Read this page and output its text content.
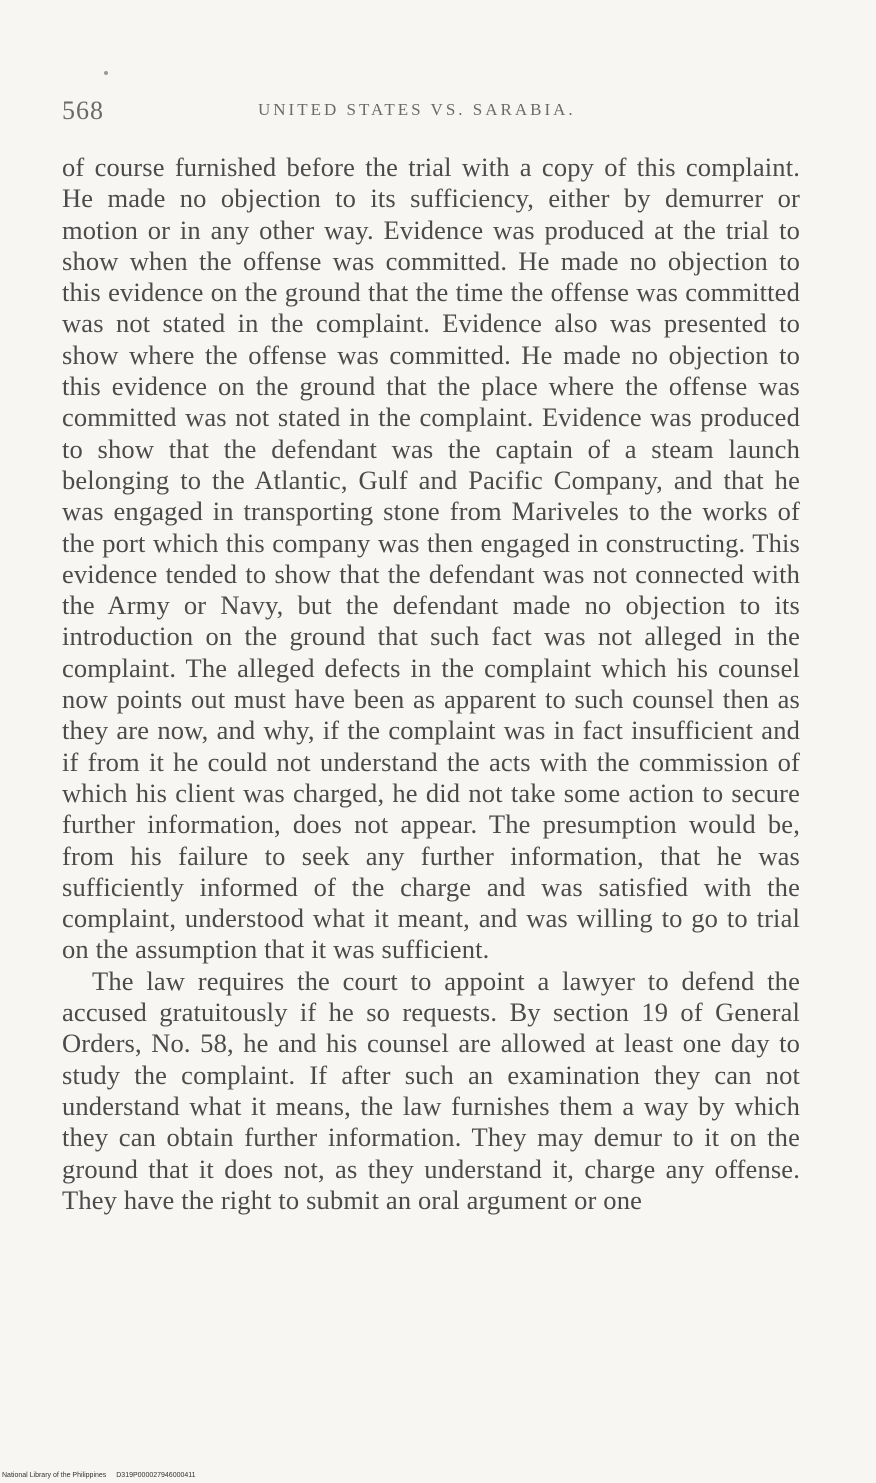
568	UNITED STATES VS. SARABIA.

of course furnished before the trial with a copy of this complaint. He made no objection to its sufficiency, either by demurrer or motion or in any other way. Evidence was produced at the trial to show when the offense was committed. He made no objection to this evidence on the ground that the time the offense was committed was not stated in the complaint. Evidence also was presented to show where the offense was committed. He made no objection to this evidence on the ground that the place where the offense was committed was not stated in the complaint. Evidence was produced to show that the defendant was the captain of a steam launch belonging to the Atlantic, Gulf and Pacific Company, and that he was engaged in transporting stone from Mariveles to the works of the port which this company was then engaged in constructing. This evidence tended to show that the defendant was not connected with the Army or Navy, but the defendant made no objection to its introduction on the ground that such fact was not alleged in the complaint. The alleged defects in the complaint which his counsel now points out must have been as apparent to such counsel then as they are now, and why, if the complaint was in fact insufficient and if from it he could not understand the acts with the commission of which his client was charged, he did not take some action to secure further information, does not appear. The presumption would be, from his failure to seek any further information, that he was sufficiently informed of the charge and was satisfied with the complaint, understood what it meant, and was willing to go to trial on the assumption that it was sufficient.

The law requires the court to appoint a lawyer to defend the accused gratuitously if he so requests. By section 19 of General Orders, No. 58, he and his counsel are allowed at least one day to study the complaint. If after such an examination they can not understand what it means, the law furnishes them a way by which they can obtain further information. They may demur to it on the ground that it does not, as they understand it, charge any offense. They have the right to submit an oral argument or one

National Library of the Philippines D319P000027946000411
